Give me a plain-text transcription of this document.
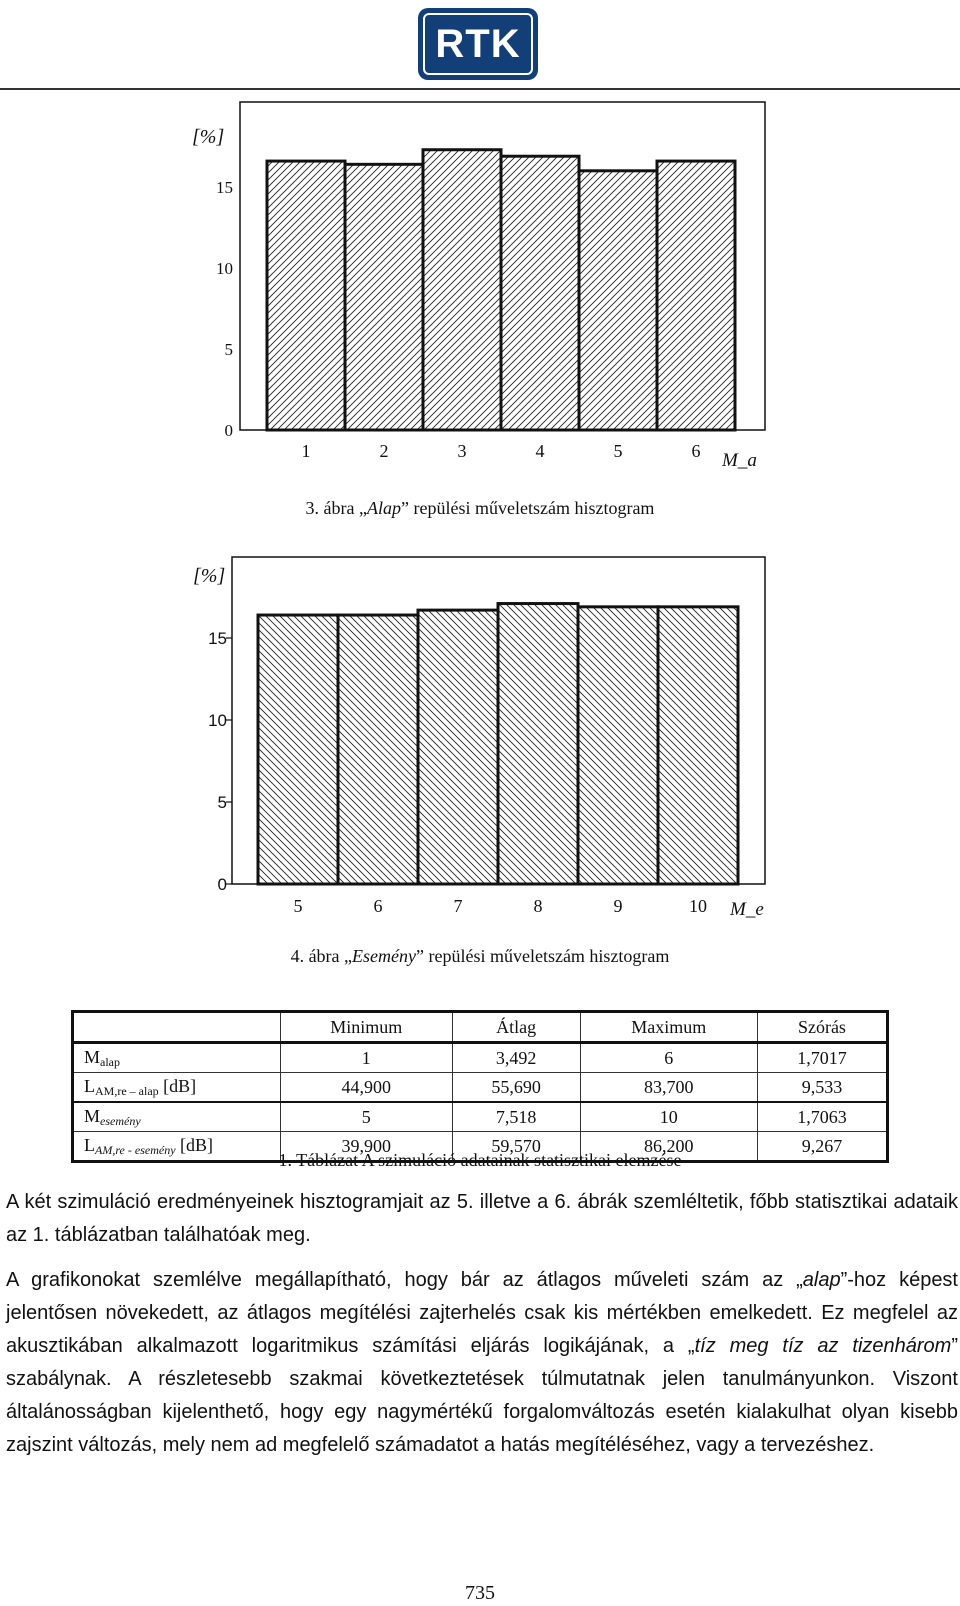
RTK
0
5
10
15
1	2	3	4	5	6
[%]
M_a
3. ábra „Alap” repülési műveletszám hisztogram
0
5
10
15
5	6	7	8	9	10
[%]
M_e
4. ábra „Esemény” repülési műveletszám hisztogram
	Minimum	Átlag	Maximum	Szórás
$M_{alap}$	1	3,492	6	1,7017
$L_{AM,re - alap}$ [dB]	44,900	55,690	83,700	9,533
$M_{esemény}$	5	7,518	10	1,7063
$L_{AM,re - esemény}$ [dB]	39,900	59,570	86,200	9,267
1. Táblázat A szimuláció adatainak statisztikai elemzése
A két szimuláció eredményeinek hisztogramjait az 5. illetve a 6. ábrák szemléltetik, főbb statisztikai adataik az 1. táblázatban találhatóak meg.
A grafikonokat szemlélve megállapítható, hogy bár az átlagos műveleti szám az „alap”-hoz képest jelentősen növekedett, az átlagos megítélési zajterhelés csak kis mértékben emelkedett. Ez megfelel az akusztikában alkalmazott logaritmikus számítási eljárás logikájának, a „tíz meg tíz az tizenhárom” szabálynak. A részletesebb szakmai következtetések túlmutatnak jelen tanulmányunkon. Viszont általánosságban kijelenthető, hogy egy nagymértékű forgalomváltozás esetén kialakulhat olyan kisebb zajszint változás, mely nem ad megfelelő számadatot a hatás megítéléséhez, vagy a tervezéshez.
735
